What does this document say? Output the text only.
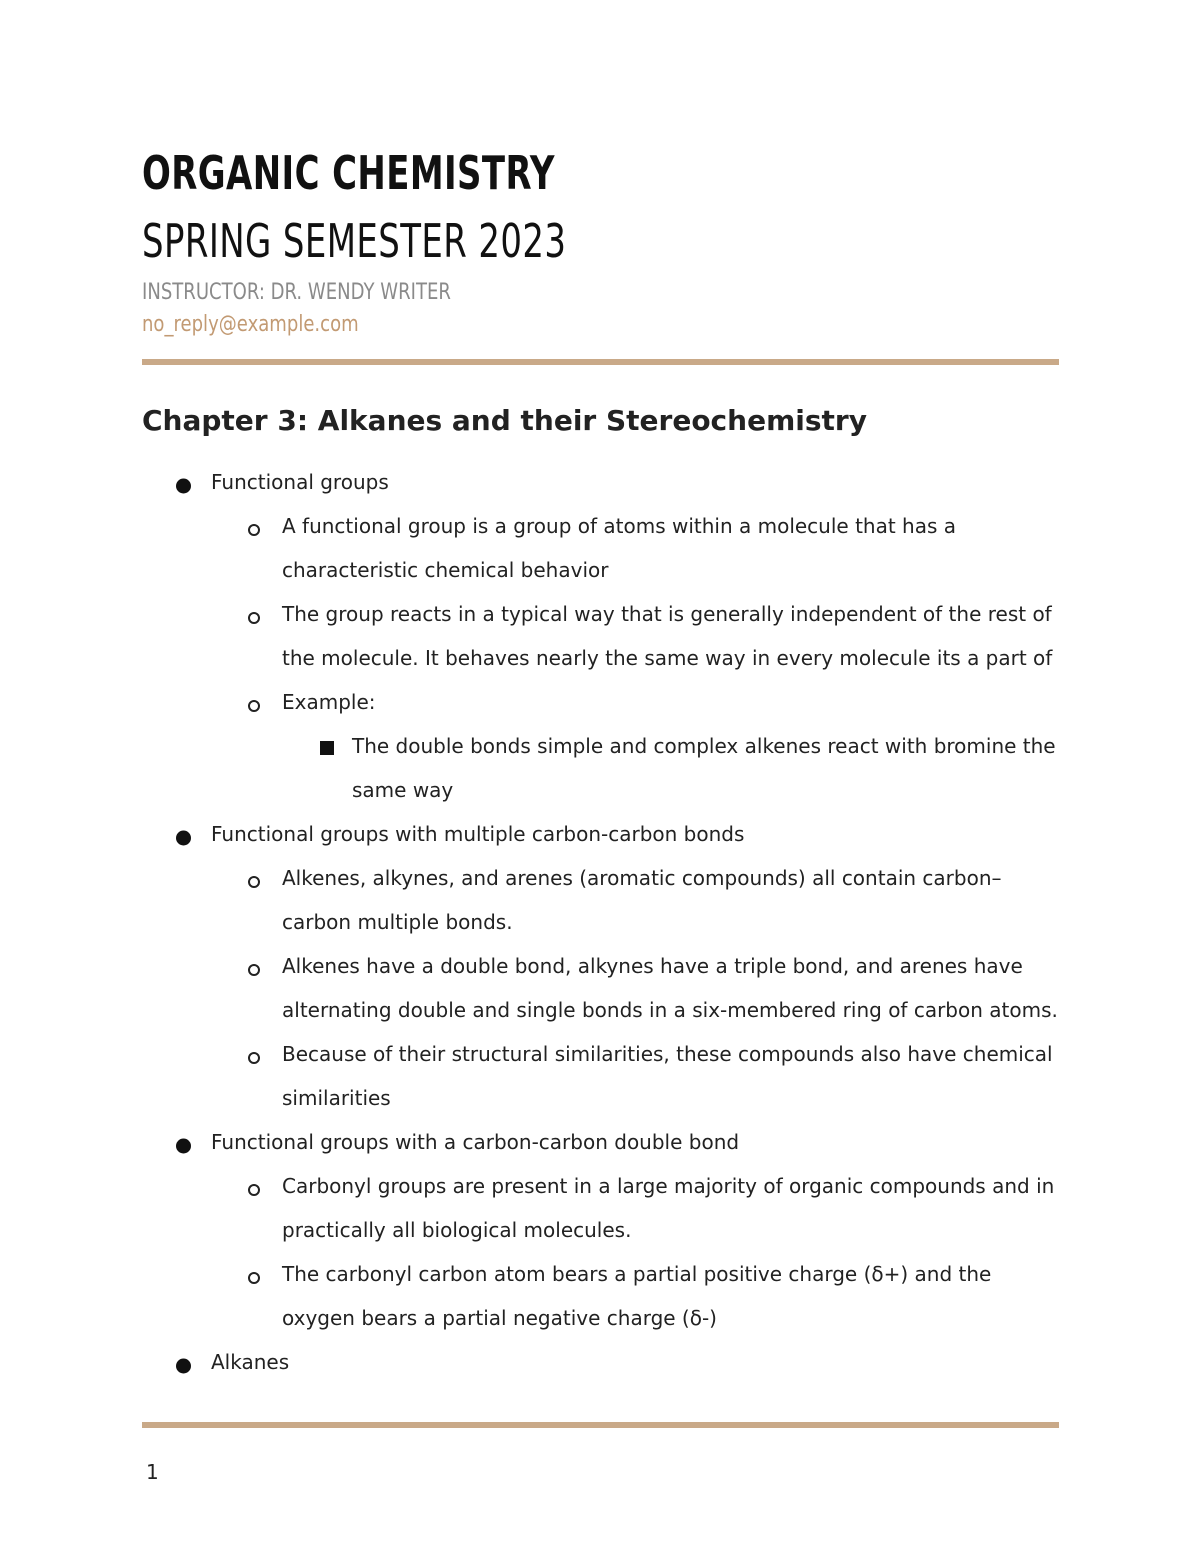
ORGANIC CHEMISTRY
SPRING SEMESTER 2023

INSTRUCTOR: DR. WENDY WRITER

no_reply@example.com

Chapter 3: Alkanes and their Stereochemistry
Functional groups
A functional group is a group of atoms within a molecule that has a characteristic chemical behavior
The group reacts in a typical way that is generally independent of the rest of the molecule. It behaves nearly the same way in every molecule its a part of
Example:
The double bonds simple and complex alkenes react with bromine the same way
Functional groups with multiple carbon-carbon bonds
Alkenes, alkynes, and arenes (aromatic compounds) all contain carbon–carbon multiple bonds.
Alkenes have a double bond, alkynes have a triple bond, and arenes have alternating double and single bonds in a six-membered ring of carbon atoms.
Because of their structural similarities, these compounds also have chemical similarities
Functional groups with a carbon-carbon double bond
Carbonyl groups are present in a large majority of organic compounds and in practically all biological molecules.
The carbonyl carbon atom bears a partial positive charge (δ+) and the oxygen bears a partial negative charge (δ-)
Alkanes

1
